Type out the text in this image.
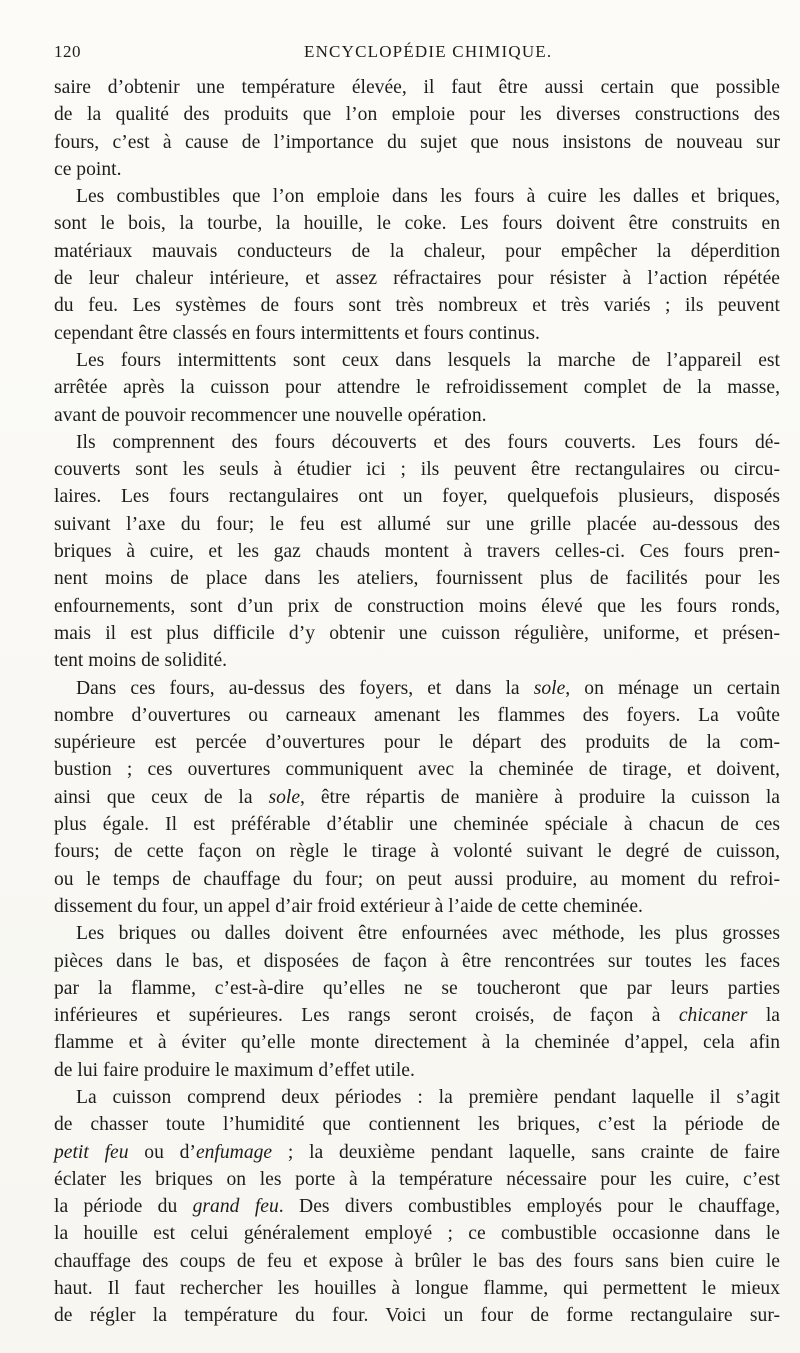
120	ENCYCLOPÉDIE CHIMIQUE.
saire d’obtenir une température élevée, il faut être aussi certain que possible
de la qualité des produits que l’on emploie pour les diverses constructions des
fours, c’est à cause de l’importance du sujet que nous insistons de nouveau sur
ce point.
Les combustibles que l’on emploie dans les fours à cuire les dalles et briques,
sont le bois, la tourbe, la houille, le coke. Les fours doivent être construits en
matériaux mauvais conducteurs de la chaleur, pour empêcher la déperdition
de leur chaleur intérieure, et assez réfractaires pour résister à l’action répétée
du feu. Les systèmes de fours sont très nombreux et très variés ; ils peuvent
cependant être classés en fours intermittents et fours continus.
Les fours intermittents sont ceux dans lesquels la marche de l’appareil est
arrêtée après la cuisson pour attendre le refroidissement complet de la masse,
avant de pouvoir recommencer une nouvelle opération.
Ils comprennent des fours découverts et des fours couverts. Les fours dé-
couverts sont les seuls à étudier ici ; ils peuvent être rectangulaires ou circu-
laires. Les fours rectangulaires ont un foyer, quelquefois plusieurs, disposés
suivant l’axe du four; le feu est allumé sur une grille placée au-dessous des
briques à cuire, et les gaz chauds montent à travers celles-ci. Ces fours pren-
nent moins de place dans les ateliers, fournissent plus de facilités pour les
enfournements, sont d’un prix de construction moins élevé que les fours ronds,
mais il est plus difficile d’y obtenir une cuisson régulière, uniforme, et présen-
tent moins de solidité.
Dans ces fours, au-dessus des foyers, et dans la sole, on ménage un certain
nombre d’ouvertures ou carneaux amenant les flammes des foyers. La voûte
supérieure est percée d’ouvertures pour le départ des produits de la com-
bustion ; ces ouvertures communiquent avec la cheminée de tirage, et doivent,
ainsi que ceux de la sole, être répartis de manière à produire la cuisson la
plus égale. Il est préférable d’établir une cheminée spéciale à chacun de ces
fours; de cette façon on règle le tirage à volonté suivant le degré de cuisson,
ou le temps de chauffage du four; on peut aussi produire, au moment du refroi-
dissement du four, un appel d’air froid extérieur à l’aide de cette cheminée.
Les briques ou dalles doivent être enfournées avec méthode, les plus grosses
pièces dans le bas, et disposées de façon à être rencontrées sur toutes les faces
par la flamme, c’est-à-dire qu’elles ne se toucheront que par leurs parties
inférieures et supérieures. Les rangs seront croisés, de façon à chicaner la
flamme et à éviter qu’elle monte directement à la cheminée d’appel, cela afin
de lui faire produire le maximum d’effet utile.
La cuisson comprend deux périodes : la première pendant laquelle il s’agit
de chasser toute l’humidité que contiennent les briques, c’est la période de
petit feu ou d’enfumage ; la deuxième pendant laquelle, sans crainte de faire
éclater les briques on les porte à la température nécessaire pour les cuire, c’est
la période du grand feu. Des divers combustibles employés pour le chauffage,
la houille est celui généralement employé ; ce combustible occasionne dans le
chauffage des coups de feu et expose à brûler le bas des fours sans bien cuire le
haut. Il faut rechercher les houilles à longue flamme, qui permettent le mieux
de régler la température du four. Voici un four de forme rectangulaire sur-
